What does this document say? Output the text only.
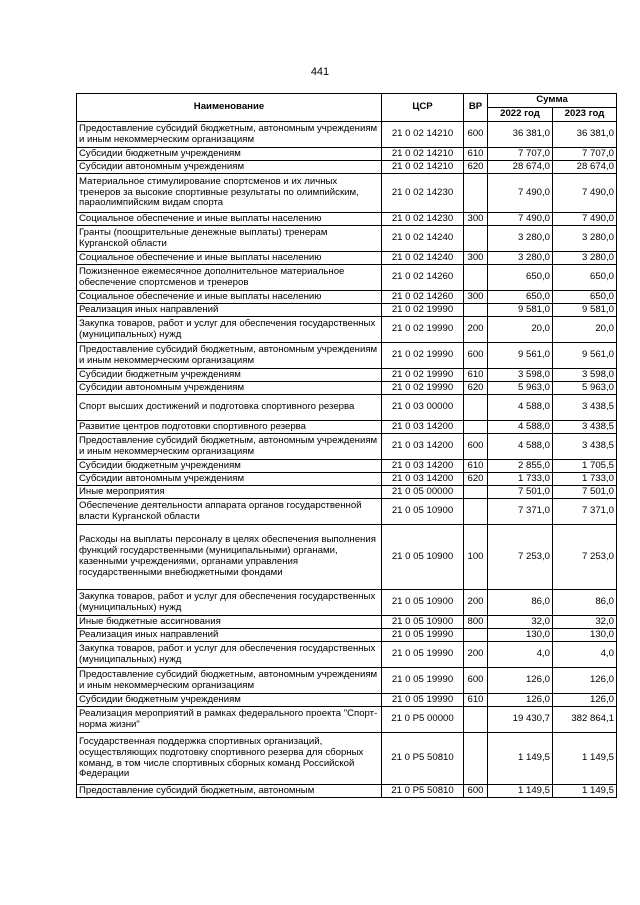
441
Наименование	ЦСР	ВР	Сумма	
			2022 год	2023 год
Предоставление субсидий бюджетным, автономным учреждениям и иным некоммерческим организациям	21 0 02 14210	600	36 381,0	36 381,0
Субсидии бюджетным учреждениям	21 0 02 14210	610	7 707,0	7 707,0
Субсидии автономным учреждениям	21 0 02 14210	620	28 674,0	28 674,0
Материальное стимулирование спортсменов и их личных тренеров за высокие спортивные результаты по олимпийским, параолимпийским видам спорта	21 0 02 14230		7 490,0	7 490,0
Социальное обеспечение и иные выплаты населению	21 0 02 14230	300	7 490,0	7 490,0
Гранты (поощрительные денежные выплаты) тренерам Курганской области	21 0 02 14240		3 280,0	3 280,0
Социальное обеспечение и иные выплаты населению	21 0 02 14240	300	3 280,0	3 280,0
Пожизненное ежемесячное дополнительное материальное обеспечение спортсменов и тренеров	21 0 02 14260		650,0	650,0
Социальное обеспечение и иные выплаты населению	21 0 02 14260	300	650,0	650,0
Реализация иных направлений	21 0 02 19990		9 581,0	9 581,0
Закупка товаров, работ и услуг для обеспечения государственных (муниципальных) нужд	21 0 02 19990	200	20,0	20,0
Предоставление субсидий бюджетным, автономным учреждениям и иным некоммерческим организациям	21 0 02 19990	600	9 561,0	9 561,0
Субсидии бюджетным учреждениям	21 0 02 19990	610	3 598,0	3 598,0
Субсидии автономным учреждениям	21 0 02 19990	620	5 963,0	5 963,0
Спорт высших достижений и подготовка спортивного резерва	21 0 03 00000		4 588,0	3 438,5
Развитие центров подготовки спортивного резерва	21 0 03 14200		4 588,0	3 438,5
Предоставление субсидий бюджетным, автономным учреждениям и иным некоммерческим организациям	21 0 03 14200	600	4 588,0	3 438,5
Субсидии бюджетным учреждениям	21 0 03 14200	610	2 855,0	1 705,5
Субсидии автономным учреждениям	21 0 03 14200	620	1 733,0	1 733,0
Иные мероприятия	21 0 05 00000		7 501,0	7 501,0
Обеспечение деятельности аппарата органов государственной власти Курганской области	21 0 05 10900		7 371,0	7 371,0
Расходы на выплаты персоналу в целях обеспечения выполнения функций государственными (муниципальными) органами, казенными учреждениями, органами управления государственными внебюджетными фондами	21 0 05 10900	100	7 253,0	7 253,0
Закупка товаров, работ и услуг для обеспечения государственных (муниципальных) нужд	21 0 05 10900	200	86,0	86,0
Иные бюджетные ассигнования	21 0 05 10900	800	32,0	32,0
Реализация иных направлений	21 0 05 19990		130,0	130,0
Закупка товаров, работ и услуг для обеспечения государственных (муниципальных) нужд	21 0 05 19990	200	4,0	4,0
Предоставление субсидий бюджетным, автономным учреждениям и иным некоммерческим организациям	21 0 05 19990	600	126,0	126,0
Субсидии бюджетным учреждениям	21 0 05 19990	610	126,0	126,0
Реализация мероприятий в рамках федерального проекта "Спорт-норма жизни"	21 0 P5 00000		19 430,7	382 864,1
Государственная поддержка спортивных организаций, осуществляющих подготовку спортивного резерва для сборных команд, в том числе спортивных сборных команд Российской Федерации	21 0 P5 50810		1 149,5	1 149,5
Предоставление субсидий бюджетным, автономным	21 0 P5 50810	600	1 149,5	1 149,5
